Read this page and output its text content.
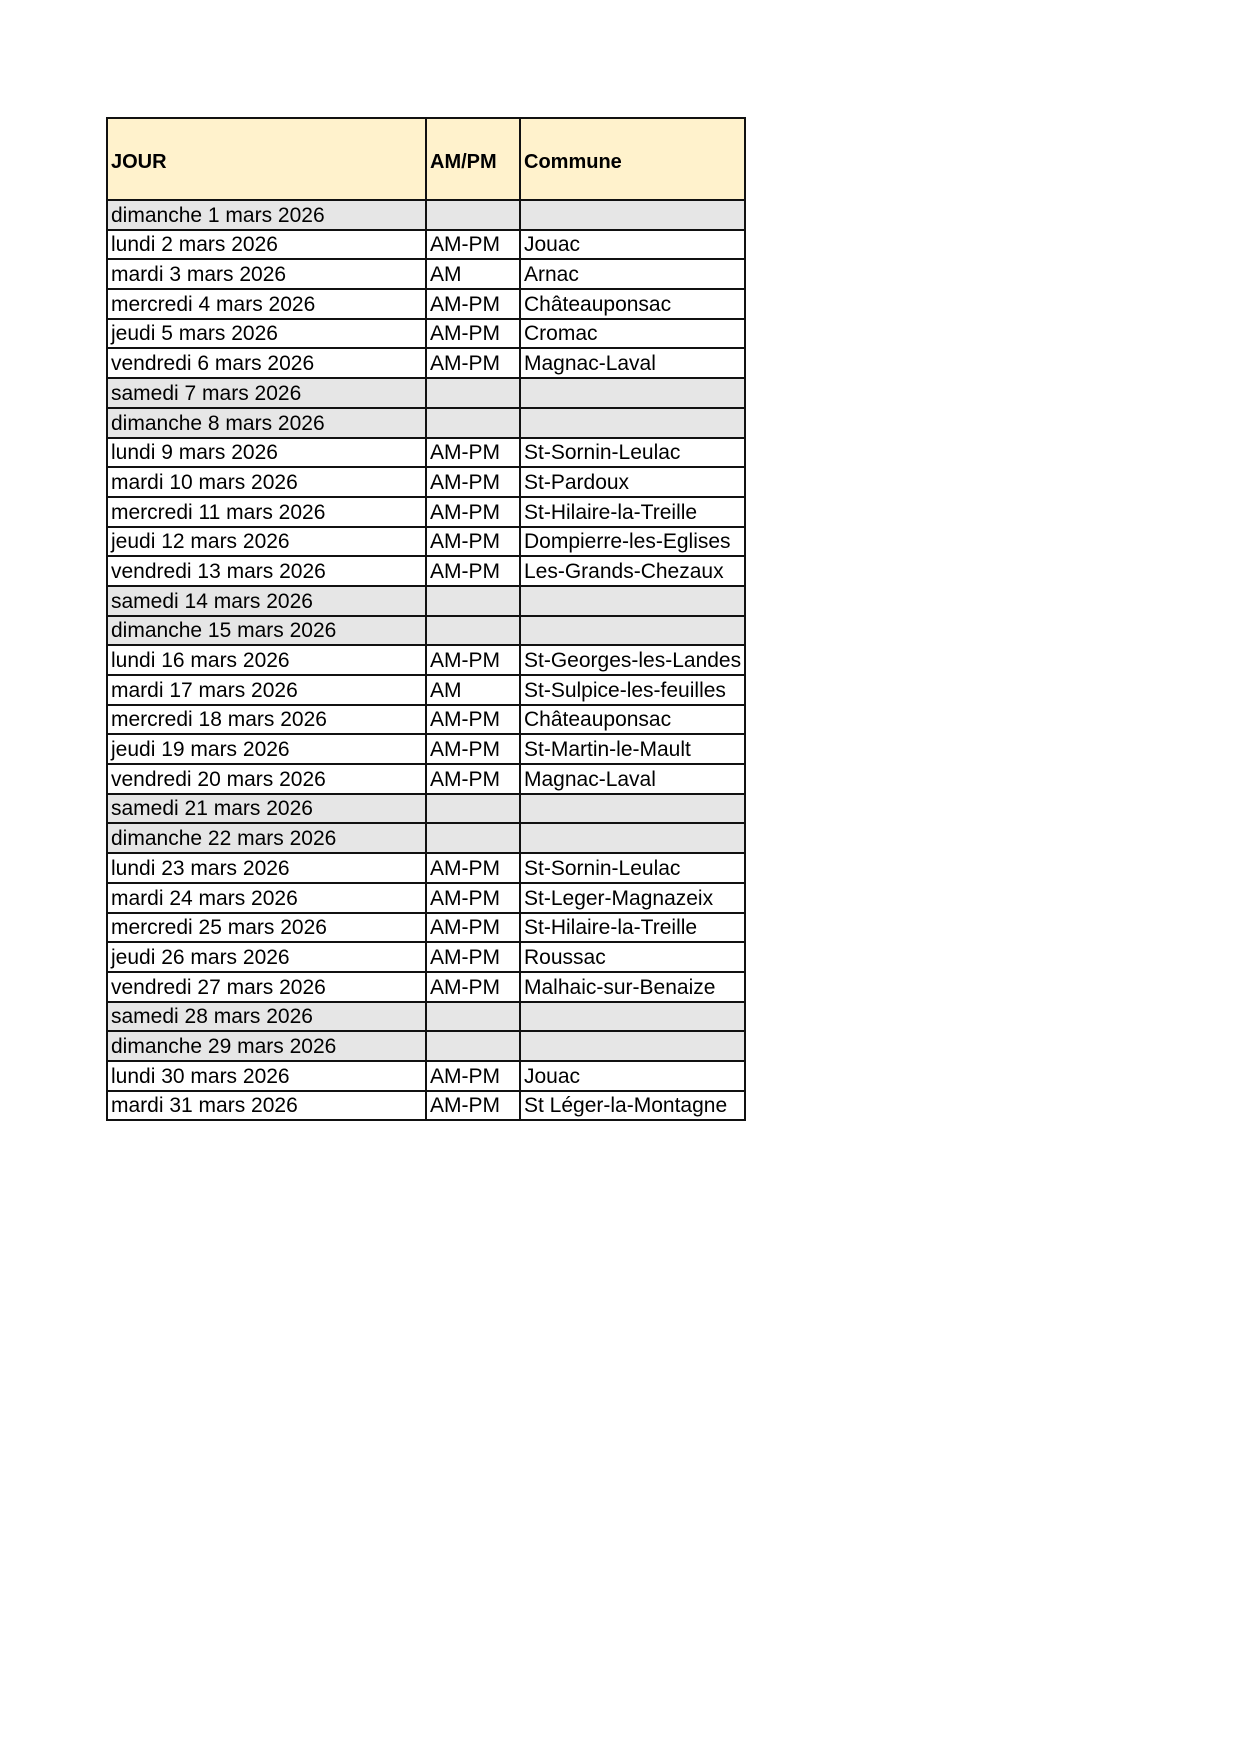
JOUR	AM/PM	Commune
dimanche 1 mars 2026		
lundi 2 mars 2026	AM-PM	Jouac
mardi 3 mars 2026	AM	Arnac
mercredi 4 mars 2026	AM-PM	Châteauponsac
jeudi 5 mars 2026	AM-PM	Cromac
vendredi 6 mars 2026	AM-PM	Magnac-Laval
samedi 7 mars 2026		
dimanche 8 mars 2026		
lundi 9 mars 2026	AM-PM	St-Sornin-Leulac
mardi 10 mars 2026	AM-PM	St-Pardoux
mercredi 11 mars 2026	AM-PM	St-Hilaire-la-Treille
jeudi 12 mars 2026	AM-PM	Dompierre-les-Eglises
vendredi 13 mars 2026	AM-PM	Les-Grands-Chezaux
samedi 14 mars 2026		
dimanche 15 mars 2026		
lundi 16 mars 2026	AM-PM	St-Georges-les-Landes
mardi 17 mars 2026	AM	St-Sulpice-les-feuilles
mercredi 18 mars 2026	AM-PM	Châteauponsac
jeudi 19 mars 2026	AM-PM	St-Martin-le-Mault
vendredi 20 mars 2026	AM-PM	Magnac-Laval
samedi 21 mars 2026		
dimanche 22 mars 2026		
lundi 23 mars 2026	AM-PM	St-Sornin-Leulac
mardi 24 mars 2026	AM-PM	St-Leger-Magnazeix
mercredi 25 mars 2026	AM-PM	St-Hilaire-la-Treille
jeudi 26 mars 2026	AM-PM	Roussac
vendredi 27 mars 2026	AM-PM	Malhaic-sur-Benaize
samedi 28 mars 2026		
dimanche 29 mars 2026		
lundi 30 mars 2026	AM-PM	Jouac
mardi 31 mars 2026	AM-PM	St Léger-la-Montagne
